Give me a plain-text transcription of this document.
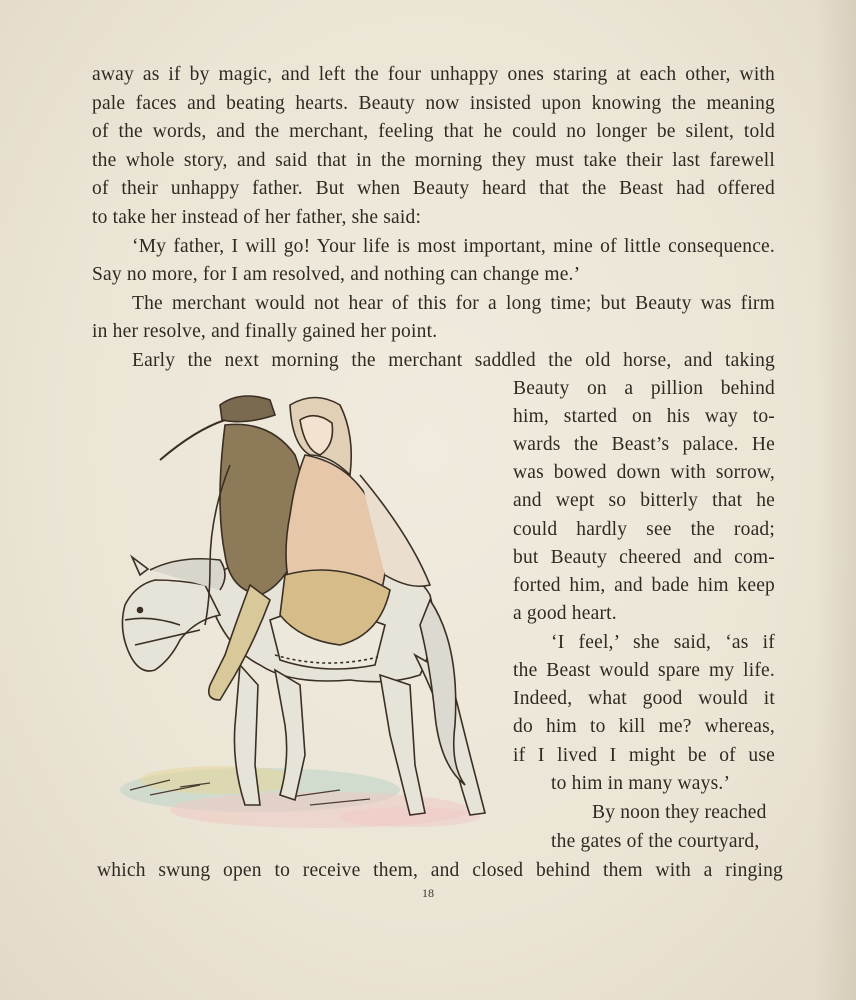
away as if by magic, and left the four unhappy ones staring at each other, with
pale faces and beating hearts. Beauty now insisted upon knowing the meaning
of the words, and the merchant, feeling that he could no longer be silent, told
the whole story, and said that in the morning they must take their last farewell
of their unhappy father. But when Beauty heard that the Beast had offered
to take her instead of her father, she said:
‘My father, I will go! Your life is most important, mine of little consequence.
Say no more, for I am resolved, and nothing can change me.’
The merchant would not hear of this for a long time; but Beauty was firm
in her resolve, and finally gained her point.
Early the next morning the merchant saddled the old horse, and taking
Beauty on a pillion behind
him, started on his way to-
wards the Beast’s palace. He
was bowed down with sorrow,
and wept so bitterly that he
could hardly see the road;
but Beauty cheered and com-
forted him, and bade him keep
a good heart.
‘I feel,’ she said, ‘as if
the Beast would spare my life.
Indeed, what good would it
do him to kill me? whereas,
if I lived I might be of use
to him in many ways.’
By noon they reached
the gates of the courtyard,
which swung open to receive them, and closed behind them with a ringing
18
